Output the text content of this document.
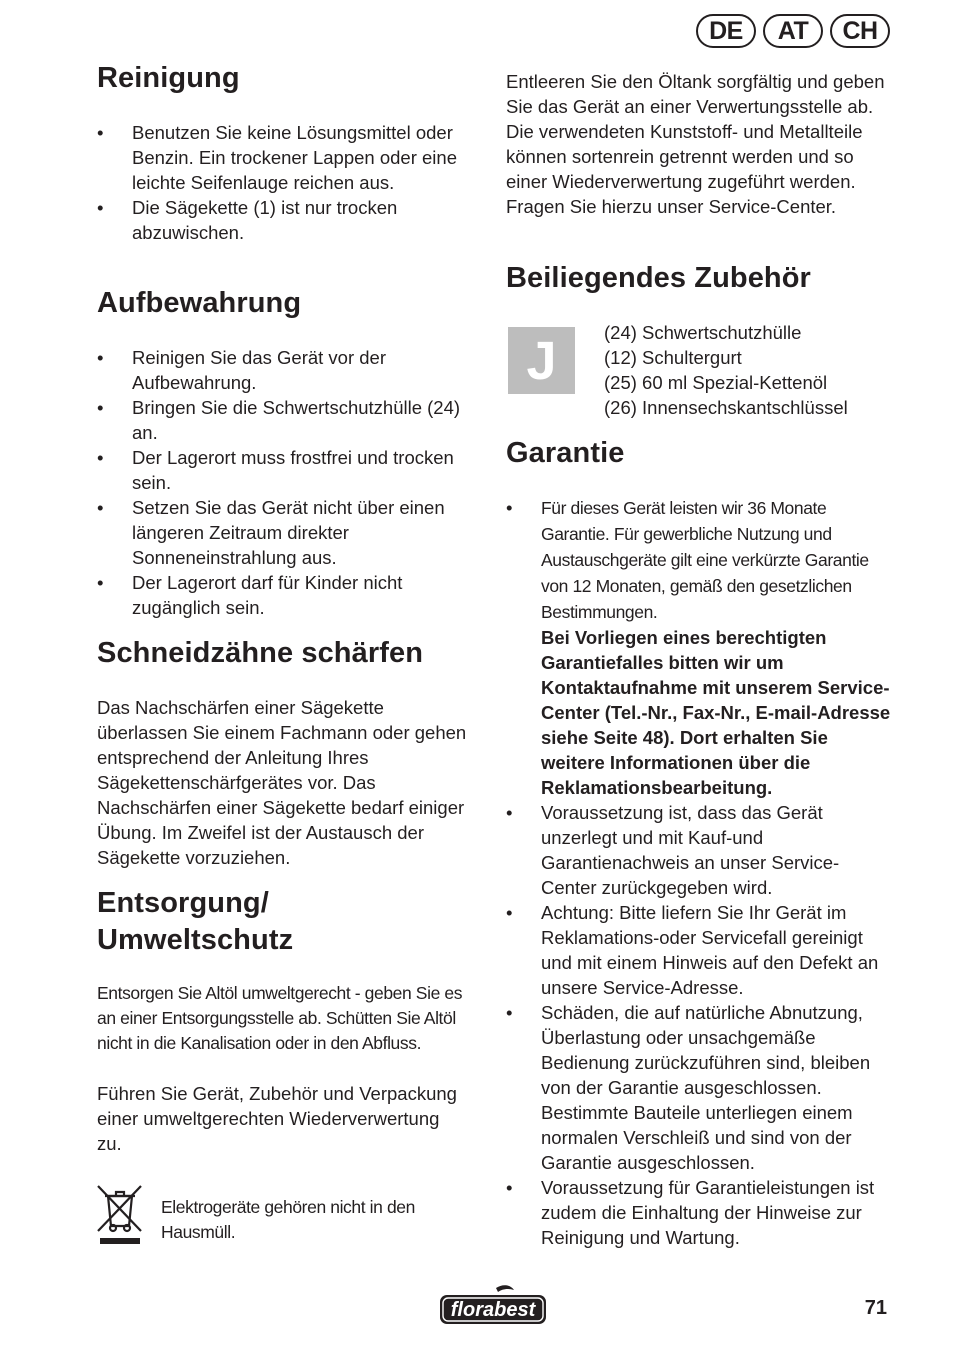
DE	AT	CH
Reinigung
• Benutzen Sie keine Lösungsmittel oder Benzin. Ein trockener Lappen oder eine leichte Seifenlauge reichen aus.
• Die Sägekette (1) ist nur trocken abzuwischen.
Aufbewahrung
• Reinigen Sie das Gerät vor der Aufbewahrung.
• Bringen Sie die Schwertschutzhülle (24) an.
• Der Lagerort muss frostfrei und trocken sein.
• Setzen Sie das Gerät nicht über einen längeren Zeitraum direkter Sonneneinstrahlung aus.
• Der Lagerort darf für Kinder nicht zugänglich sein.
Schneidzähne schärfen

Das Nachschärfen einer Sägekette überlassen Sie einem Fachmann oder gehen entsprechend der Anleitung Ihres Sägekettenschärfgerätes vor. Das Nachschärfen einer Sägekette bedarf einiger Übung. Im Zweifel ist der Austausch der Sägekette vorzuziehen.

Entsorgung/
Umweltschutz

Entsorgen Sie Altöl umweltgerecht - geben Sie es an einer Entsorgungsstelle ab. Schütten Sie Altöl nicht in die Kanalisation oder in den Abfluss.

Führen Sie Gerät, Zubehör und Verpackung einer umweltgerechten Wiederverwertung zu.

Elektrogeräte gehören nicht in den Hausmüll.

Entleeren Sie den Öltank sorgfältig und geben Sie das Gerät an einer Verwertungsstelle ab. Die verwendeten Kunststoff- und Metallteile können sortenrein getrennt werden und so einer Wiederverwertung zugeführt werden. Fragen Sie hierzu unser Service-Center.

Beiliegendes Zubehör
J	(24) Schwertschutzhülle
(12) Schultergurt
(25) 60 ml Spezial-Kettenöl
(26) Innensechskantschlüssel
Garantie
• Für dieses Gerät leisten wir 36 Monate Garantie. Für gewerbliche Nutzung und Austauschgeräte gilt eine verkürzte Garantie von 12 Monaten, gemäß den gesetzlichen Bestimmungen.
Bei Vorliegen eines berechtigten Garantiefalles bitten wir um Kontaktaufnahme mit unserem Service-Center (Tel.-Nr., Fax-Nr., E-mail-Adresse siehe Seite 48). Dort erhalten Sie weitere Informationen über die Reklamationsbearbeitung.
• Voraussetzung ist, dass das Gerät unzerlegt und mit Kauf-und Garantienachweis an unser Service-Center zurückgegeben wird.
• Achtung: Bitte liefern Sie Ihr Gerät im Reklamations-oder Servicefall gereinigt und mit einem Hinweis auf den Defekt an unsere Service-Adresse.
• Schäden, die auf natürliche Abnutzung, Überlastung oder unsachgemäße Bedienung zurückzuführen sind, bleiben von der Garantie ausgeschlossen. Bestimmte Bauteile unterliegen einem normalen Verschleiß und sind von der Garantie ausgeschlossen.
• Voraussetzung für Garantieleistungen ist zudem die Einhaltung der Hinweise zur Reinigung und Wartung.
florabest	71
